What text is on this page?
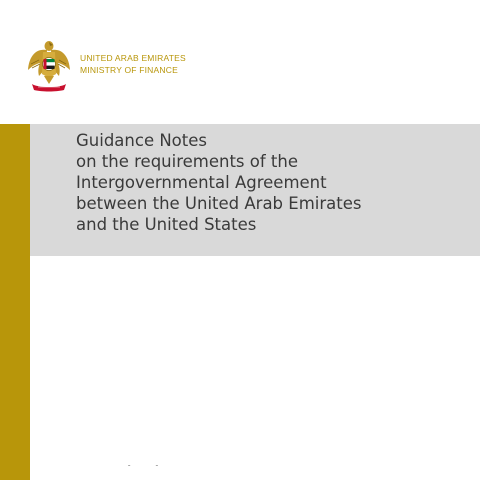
UNITED ARAB EMIRATES
MINISTRY OF FINANCE
Guidance Notes
on the requirements of the
Intergovernmental Agreement
between the United Arab Emirates
and the United States
˝ ˝
